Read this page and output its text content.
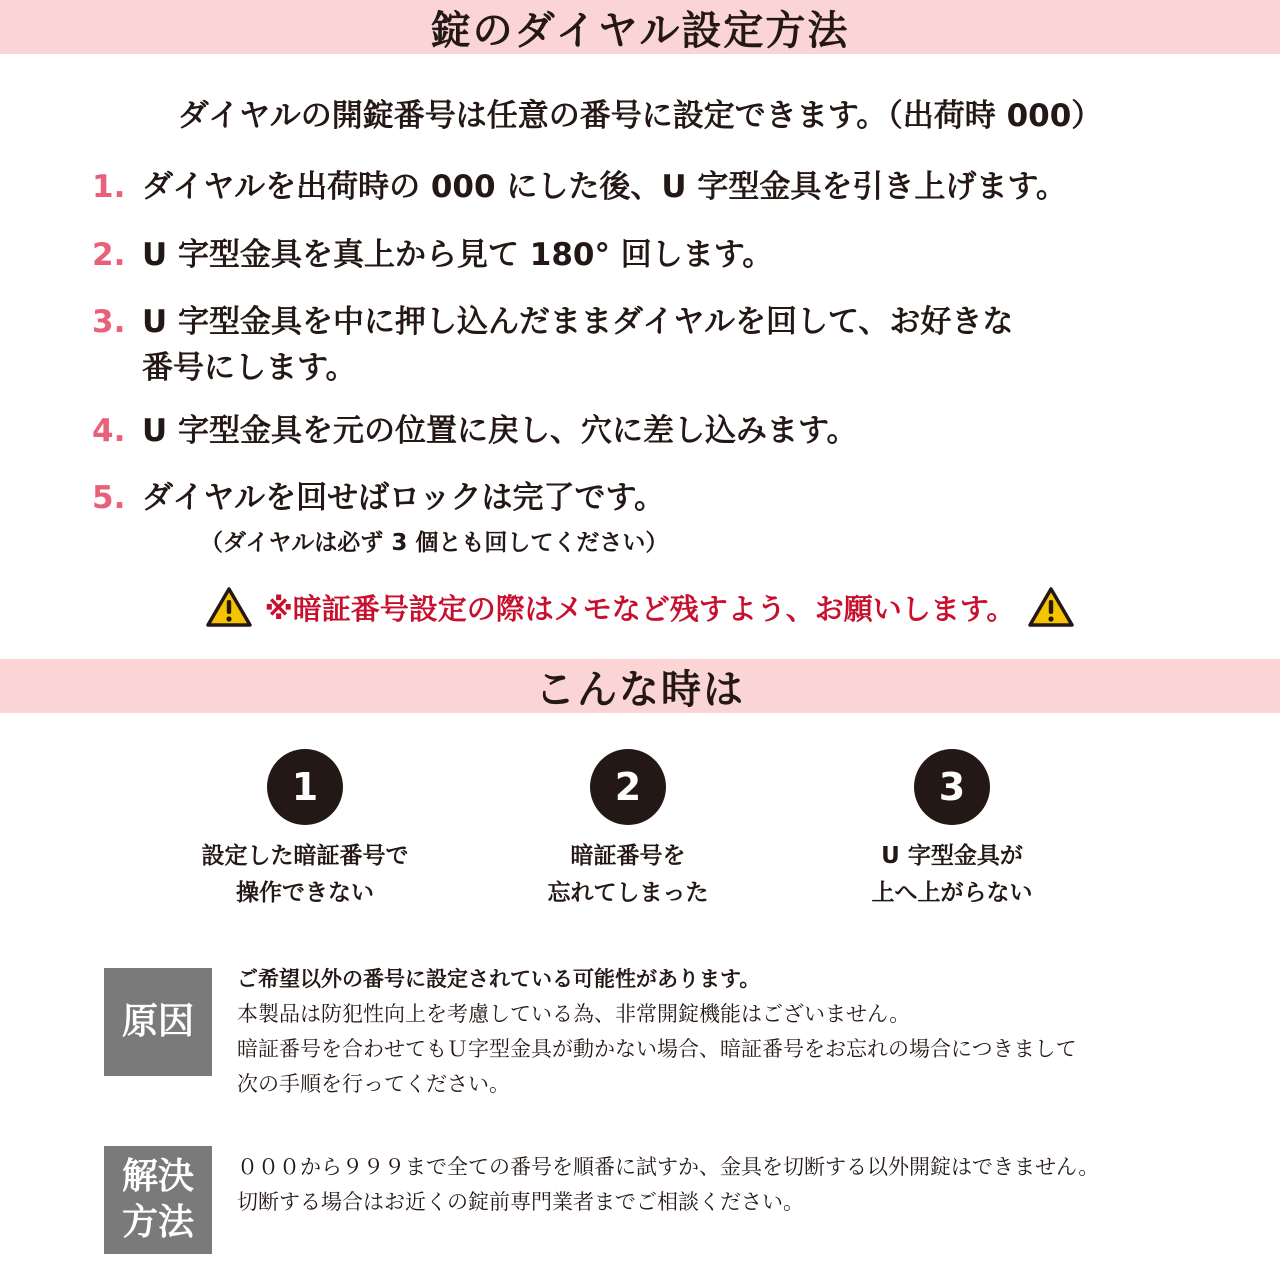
錠のダイヤル設定方法
ダイヤルの開錠番号は任意の番号に設定できます。（出荷時 000）
1. ダイヤルを出荷時の 000 にした後、U 字型金具を引き上げます。
2. U 字型金具を真上から見て 180° 回します。
3. U 字型金具を中に押し込んだままダイヤルを回して、お好きな
番号にします。
4. U 字型金具を元の位置に戻し、穴に差し込みます。
5. ダイヤルを回せばロックは完了です。
（ダイヤルは必ず 3 個とも回してください）
※暗証番号設定の際はメモなど残すよう、お願いします。
こんな時は
1	2	3
設定した暗証番号で
操作できない
暗証番号を
忘れてしまった
U 字型金具が
上へ上がらない
原因
ご希望以外の番号に設定されている可能性があります。
本製品は防犯性向上を考慮している為、非常開錠機能はございません。
暗証番号を合わせてもＵ字型金具が動かない場合、暗証番号をお忘れの場合につきまして
次の手順を行ってください。
解決
方法
０００から９９９まで全ての番号を順番に試すか、金具を切断する以外開錠はできません。
切断する場合はお近くの錠前専門業者までご相談ください。
